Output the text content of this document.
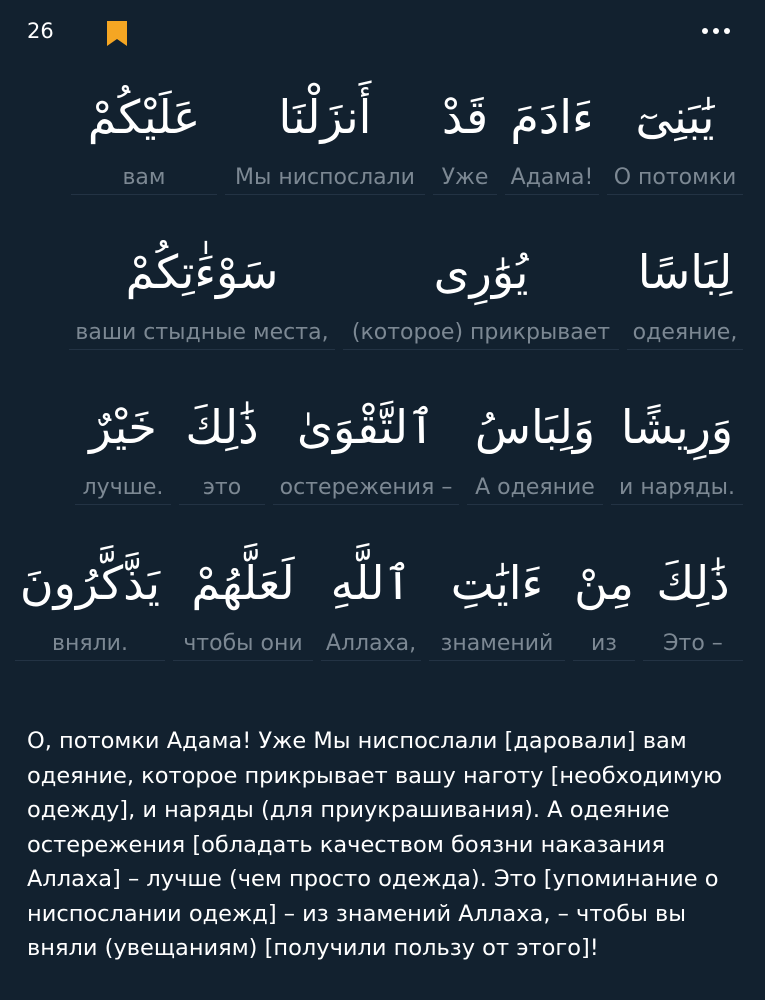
26
يَٰبَنِىٓ
О потомки
ءَادَمَ
Адама!
قَدْ
Уже
أَنزَلْنَا
Мы ниспослали
عَلَيْكُمْ
вам
لِبَاسًا
одеяние,
يُوَٰرِى
(которое) прикрывает
سَوْءَٰتِكُمْ
ваши стыдные места,
وَرِيشًا
и наряды.
وَلِبَاسُ
А одеяние
ٱلتَّقْوَىٰ
остережения –
ذَٰلِكَ
это
خَيْرٌ
лучше.
ذَٰلِكَ
Это –
مِنْ
из
ءَايَٰتِ
знамений
ٱللَّهِ
Аллаха,
لَعَلَّهُمْ
чтобы они
يَذَّكَّرُونَ
вняли.
О, потомки Адама! Уже Мы ниспослали [даровали] вам одеяние, которое прикрывает вашу наготу [необходимую одежду], и наряды (для приукрашивания). А одеяние остережения [обладать качеством боязни наказания Аллаха] – лучше (чем просто одежда). Это [упоминание о ниспослании одежд] – из знамений Аллаха, – чтобы вы вняли (увещаниям) [получили пользу от этого]!
